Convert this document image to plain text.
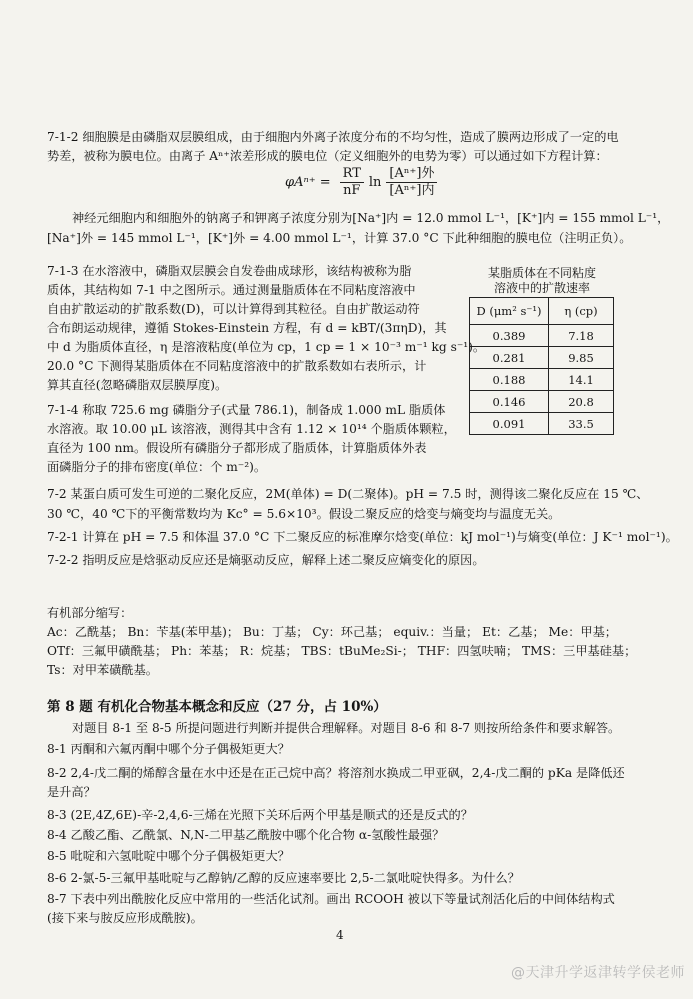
7-1-2 细胞膜是由磷脂双层膜组成，由于细胞内外离子浓度分布的不均匀性，造成了膜两边形成了一定的电

势差，被称为膜电位。由离子 Aⁿ⁺浓差形成的膜电位（定义细胞外的电势为零）可以通过如下方程计算：

$\varphi A^{n+} = \frac{RT}{nF}$ $\ln \frac{\text{[Aⁿ⁺]外}}{\text{[Aⁿ⁺]内}}$

神经元细胞内和细胞外的钠离子和钾离子浓度分别为[Na⁺]内 = 12.0 mmol L⁻¹，[K⁺]内 = 155 mmol L⁻¹，

[Na⁺]外 = 145 mmol L⁻¹，[K⁺]外 = 4.00 mmol L⁻¹，计算 37.0 °C 下此种细胞的膜电位（注明正负）。

7-1-3 在水溶液中，磷脂双层膜会自发卷曲成球形，该结构被称为脂

质体，其结构如 7-1 中之图所示。通过测量脂质体在不同粘度溶液中

自由扩散运动的扩散系数(D)，可以计算得到其粒径。自由扩散运动符

合布朗运动规律，遵循 Stokes-Einstein 方程，有 d = kBT/(3πηD)，其

中 d 为脂质体直径，η 是溶液粘度(单位为 cp，1 cp = 1 × 10⁻³ m⁻¹ kg s⁻¹)。

20.0 °C 下测得某脂质体在不同粘度溶液中的扩散系数如右表所示，计

算其直径(忽略磷脂双层膜厚度)。

某脂质体在不同粘度
溶液中的扩散速率
D (μm² s⁻¹)	η (cp)
0.389	7.18
0.281	9.85
0.188	14.1
0.146	20.8
0.091	33.5

7-1-4 称取 725.6 mg 磷脂分子(式量 786.1)，制备成 1.000 mL 脂质体

水溶液。取 10.00 μL 该溶液，测得其中含有 1.12 × 10¹⁴ 个脂质体颗粒，

直径为 100 nm。假设所有磷脂分子都形成了脂质体，计算脂质体外表

面磷脂分子的排布密度(单位：个 m⁻²)。

7-2 某蛋白质可发生可逆的二聚化反应，2M(单体) = D(二聚体)。pH = 7.5 时，测得该二聚化反应在 15 ℃、

30 ℃，40 ℃下的平衡常数均为 Kc° = 5.6×10³。假设二聚反应的焓变与熵变均与温度无关。

7-2-1 计算在 pH = 7.5 和体温 37.0 °C 下二聚反应的标准摩尔焓变(单位：kJ mol⁻¹)与熵变(单位：J K⁻¹ mol⁻¹)。

7-2-2 指明反应是焓驱动反应还是熵驱动反应，解释上述二聚反应熵变化的原因。

有机部分缩写：

Ac：乙酰基； Bn：苄基(苯甲基)； Bu：丁基； Cy：环己基； equiv.：当量； Et：乙基； Me：甲基；

OTf：三氟甲磺酰基； Ph：苯基； R：烷基； TBS：tBuMe₂Si-； THF：四氢呋喃； TMS：三甲基硅基；

Ts：对甲苯磺酰基。

第 8 题 有机化合物基本概念和反应（27 分，占 10%）

对题目 8-1 至 8-5 所提问题进行判断并提供合理解释。对题目 8-6 和 8-7 则按所给条件和要求解答。

8-1 丙酮和六氟丙酮中哪个分子偶极矩更大？

8-2 2,4-戊二酮的烯醇含量在水中还是在正己烷中高？将溶剂水换成二甲亚砜，2,4-戊二酮的 pKa 是降低还

是升高？

8-3 (2E,4Z,6E)-辛-2,4,6-三烯在光照下关环后两个甲基是顺式的还是反式的？

8-4 乙酸乙酯、乙酰氯、N,N-二甲基乙酰胺中哪个化合物 α-氢酸性最强？

8-5 吡啶和六氢吡啶中哪个分子偶极矩更大？

8-6 2-氯-5-三氟甲基吡啶与乙醇钠/乙醇的反应速率要比 2,5-二氯吡啶快得多。为什么？

8-7 下表中列出酰胺化反应中常用的一些活化试剂。画出 RCOOH 被以下等量试剂活化后的中间体结构式

(接下来与胺反应形成酰胺)。

4
@天津升学返津转学侯老师
